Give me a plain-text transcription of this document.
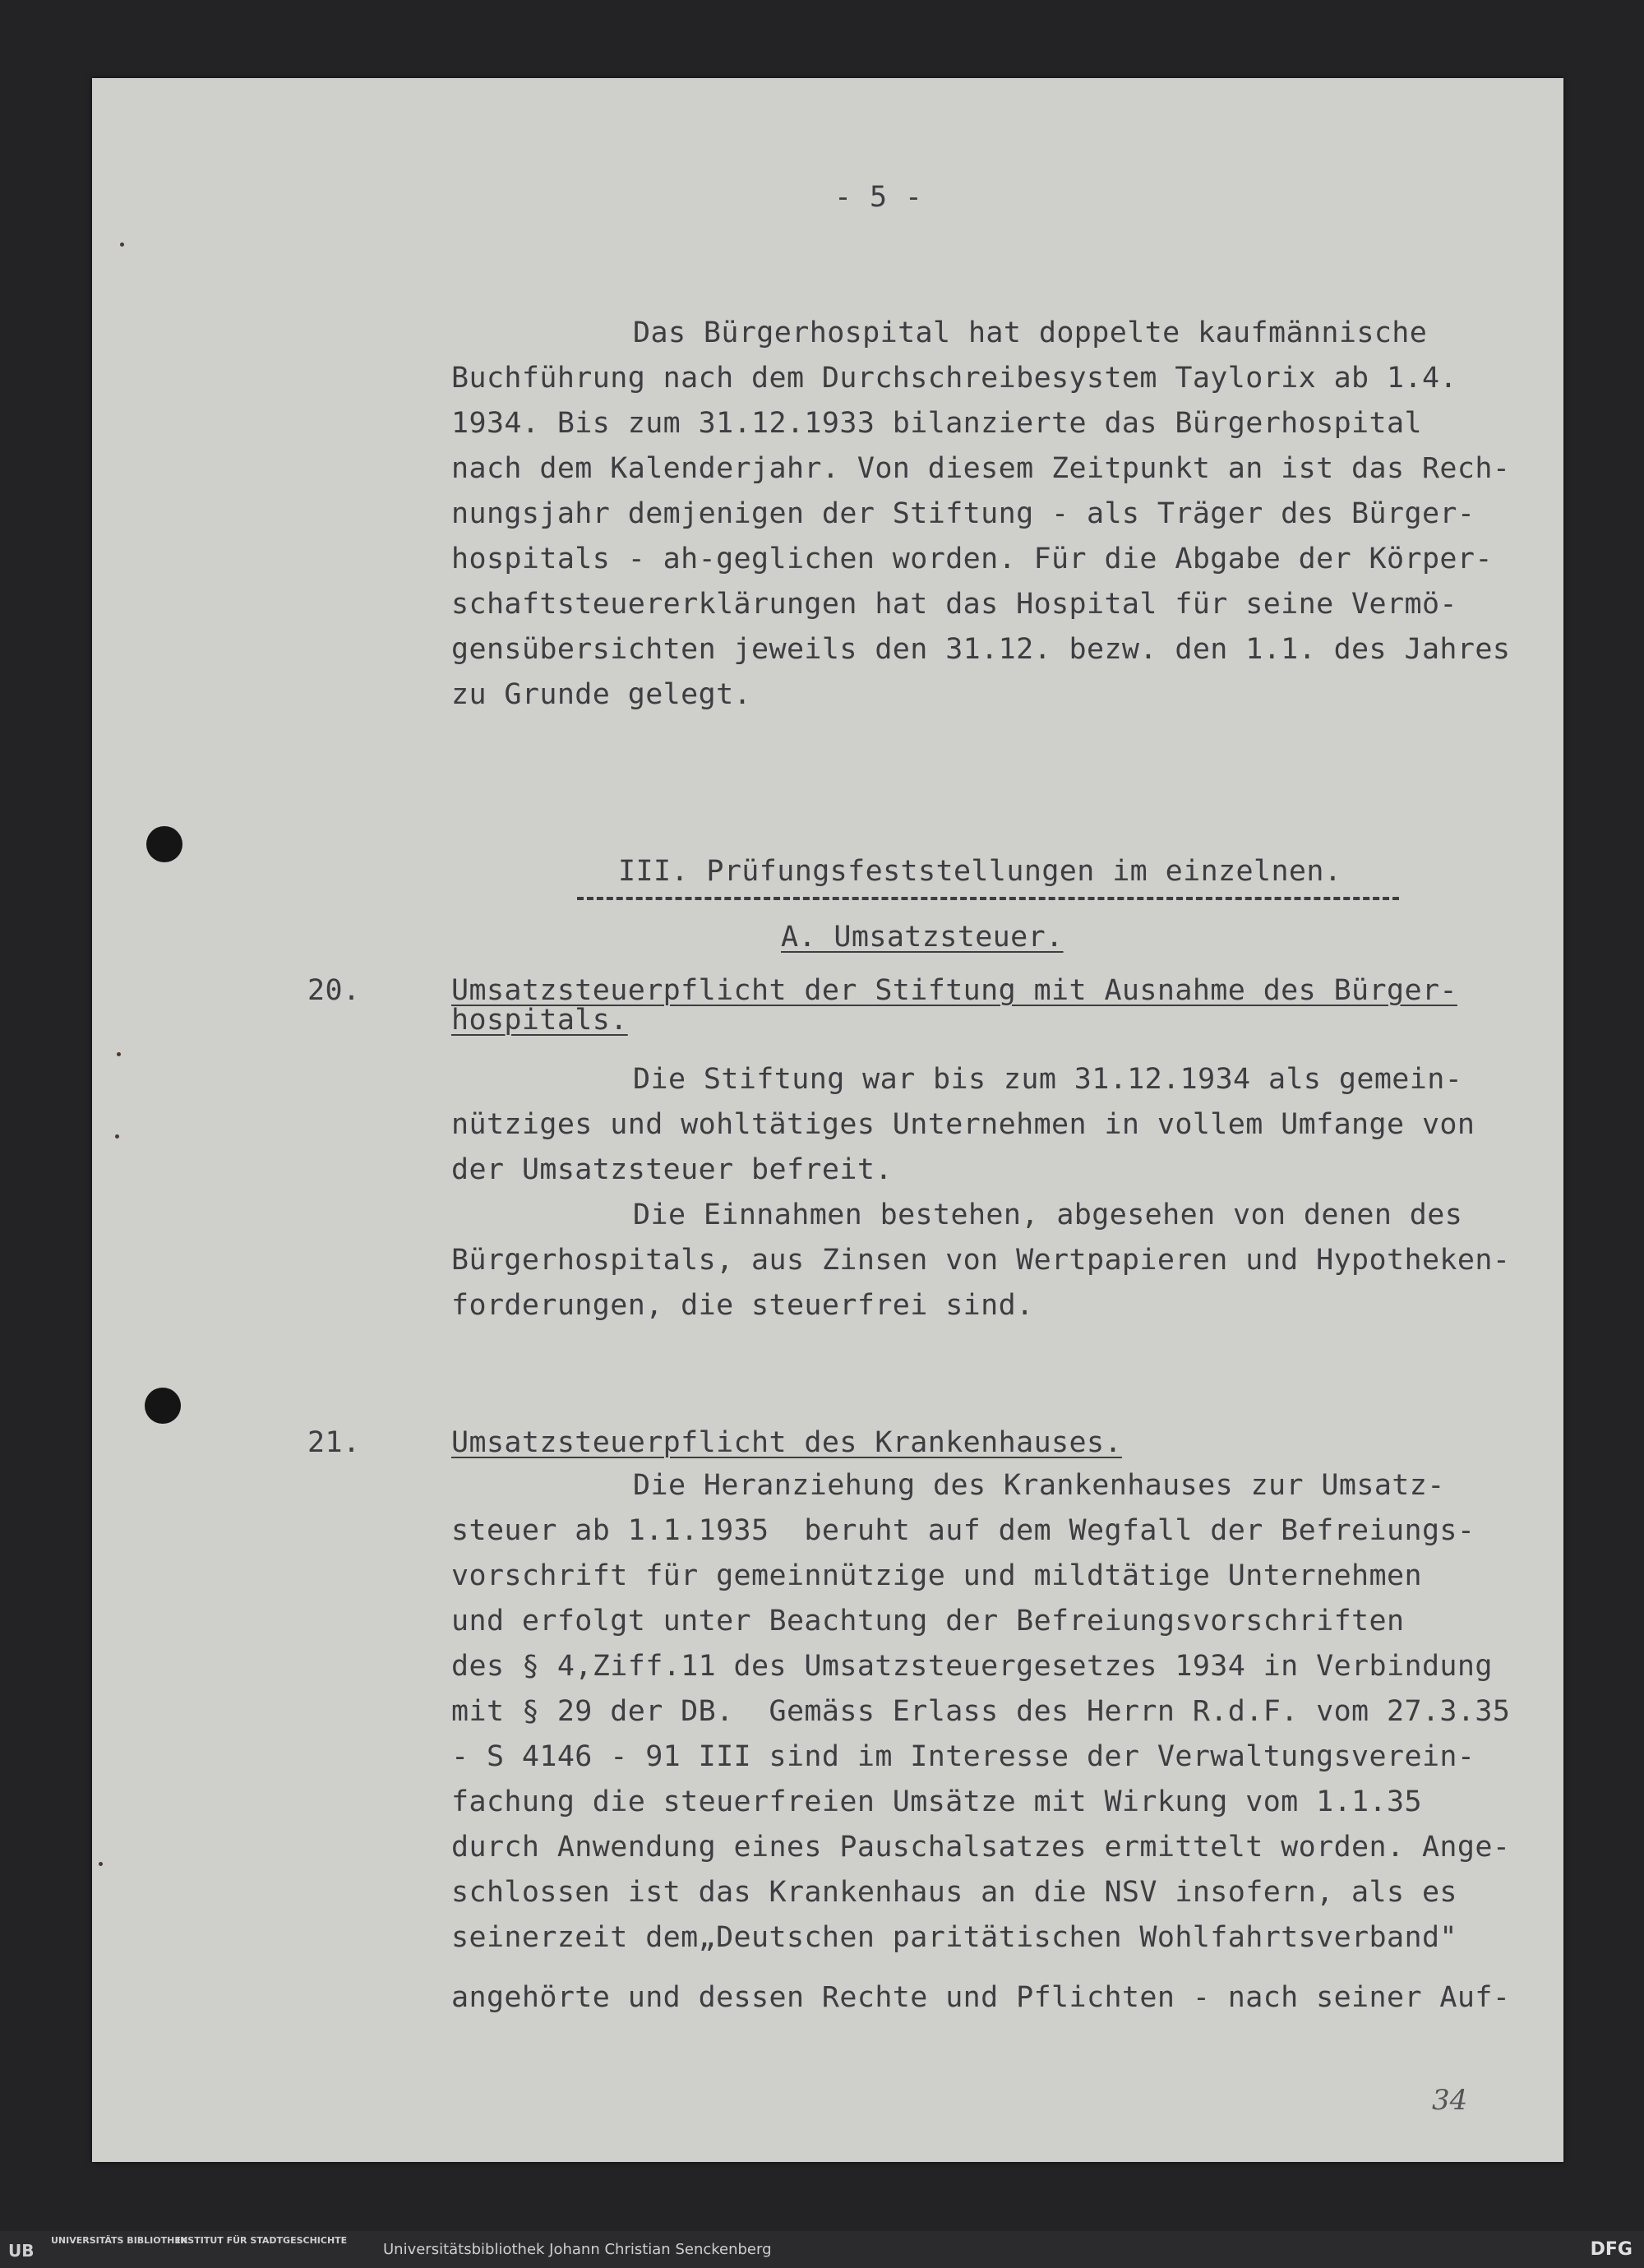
- 5 -
Das Bürgerhospital hat doppelte kaufmännische
Buchführung nach dem Durchschreibesystem Taylorix ab 1.4.
1934. Bis zum 31.12.1933 bilanzierte das Bürgerhospital
nach dem Kalenderjahr. Von diesem Zeitpunkt an ist das Rech-
nungsjahr demjenigen der Stiftung - als Träger des Bürger-
hospitals - ah-geglichen worden. Für die Abgabe der Körper-
schaftsteuererklärungen hat das Hospital für seine Vermö-
gensübersichten jeweils den 31.12. bezw. den 1.1. des Jahres
zu Grunde gelegt.
III. Prüfungsfeststellungen im einzelnen.
A. Umsatzsteuer.
20.	Umsatzsteuerpflicht der Stiftung mit Ausnahme des Bürger-
hospitals.
Die Stiftung war bis zum 31.12.1934 als gemein-
nütziges und wohltätiges Unternehmen in vollem Umfange von
der Umsatzsteuer befreit.
Die Einnahmen bestehen, abgesehen von denen des
Bürgerhospitals, aus Zinsen von Wertpapieren und Hypotheken-
forderungen, die steuerfrei sind.
21.	Umsatzsteuerpflicht des Krankenhauses.
Die Heranziehung des Krankenhauses zur Umsatz-
steuer ab 1.1.1935  beruht auf dem Wegfall der Befreiungs-
vorschrift für gemeinnützige und mildtätige Unternehmen
und erfolgt unter Beachtung der Befreiungsvorschriften
des § 4,Ziff.11 des Umsatzsteuergesetzes 1934 in Verbindung
mit § 29 der DB.  Gemäss Erlass des Herrn R.d.F. vom 27.3.35
- S 4146 - 91 III sind im Interesse der Verwaltungsverein-
fachung die steuerfreien Umsätze mit Wirkung vom 1.1.35
durch Anwendung eines Pauschalsatzes ermittelt worden. Ange-
schlossen ist das Krankenhaus an die NSV insofern, als es
seinerzeit dem„Deutschen paritätischen Wohlfahrtsverband"
angehörte und dessen Rechte und Pflichten - nach seiner Auf-
34
UB
UNIVERSITÄTS BIBLIOTHEK
INSTITUT FÜR STADTGESCHICHTE
Universitätsbibliothek Johann Christian Senckenberg	DFG
